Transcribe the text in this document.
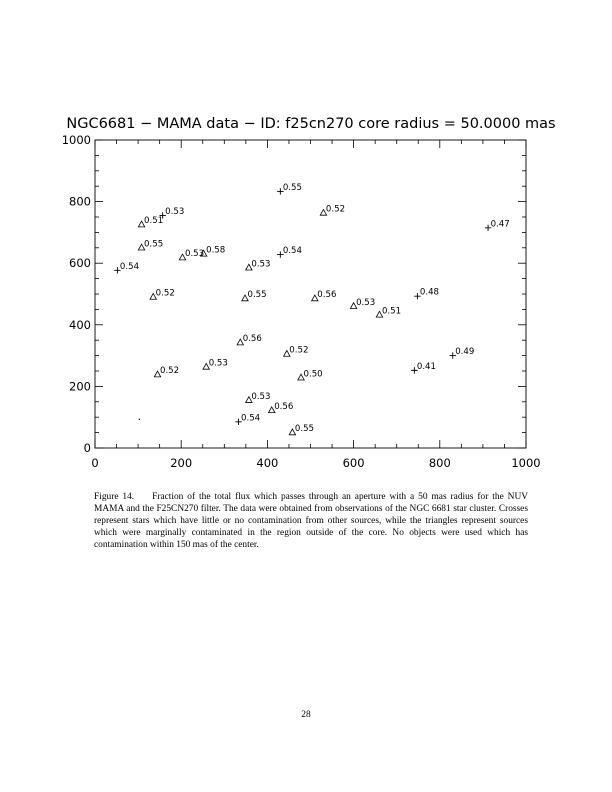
NGC6681 − MAMA data − ID: f25cn270 core radius = 50.0000 mas
0	200	400	600	800	1000
0
200
400
600
800
1000
0.55
0.53
0.47
0.54
0.54
0.48
0.49
0.41
0.54
0.52
0.51
0.55
0.58
0.53
0.53
0.52	0.55	0.56
0.53
0.51
0.56
0.52
0.53
0.52	0.50
0.53
0.56
0.55
Figure 14. Fraction of the total flux which passes through an aperture with a 50 mas radius for the NUV MAMA and the F25CN270 filter. The data were obtained from observations of the NGC 6681 star cluster. Crosses represent stars which have little or no contamination from other sources, while the triangles represent sources which were marginally contaminated in the region outside of the core. No objects were used which has contamination within 150 mas of the center.
28
